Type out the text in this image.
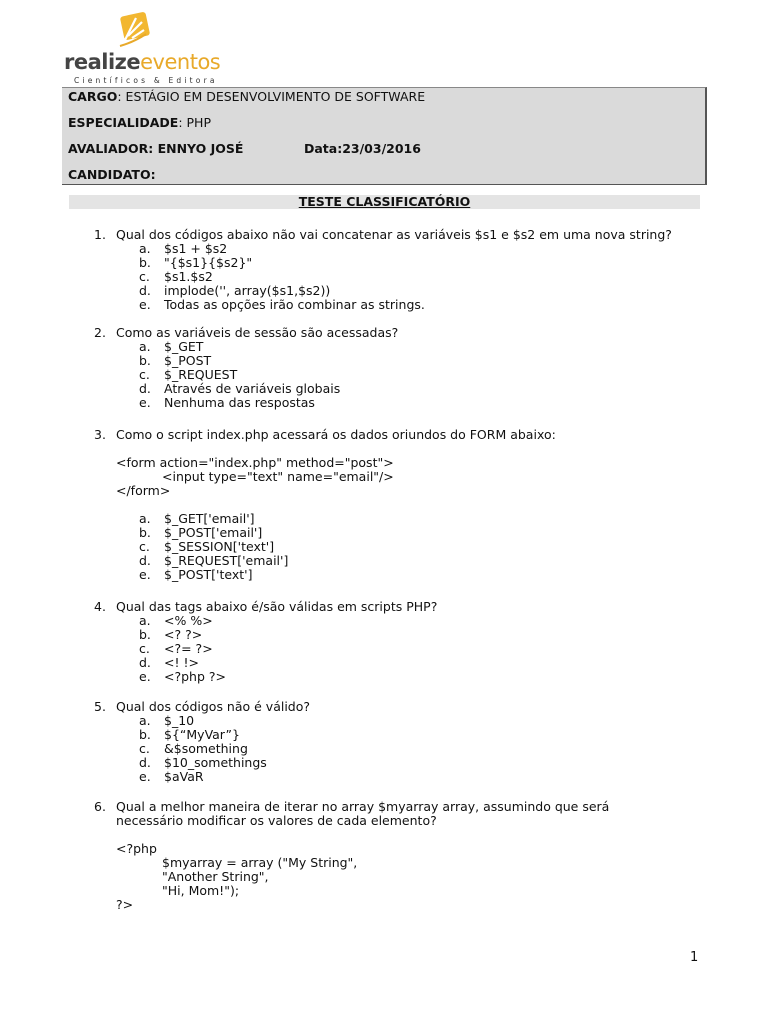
realizeeventos
Científicos & Editora
CARGO: ESTÁGIO EM DESENVOLVIMENTO DE SOFTWARE
ESPECIALIDADE: PHP
AVALIADOR: ENNYO JOSÉ	Data:23/03/2016
CANDIDATO:
TESTE CLASSIFICATÓRIO
1. Qual dos códigos abaixo não vai concatenar as variáveis $s1 e $s2 em uma nova string?
a. $s1 + $s2
b. "{$s1}{$s2}"
c. $s1.$s2
d. implode('', array($s1,$s2))
e. Todas as opções irão combinar as strings.
2. Como as variáveis de sessão são acessadas?
a. $_GET
b. $_POST
c. $_REQUEST
d. Através de variáveis globais
e. Nenhuma das respostas
3. Como o script index.php acessará os dados oriundos do FORM abaixo:
<form action="index.php" method="post">
<input type="text" name="email"/>
</form>
a. $_GET['email']
b. $_POST['email']
c. $_SESSION['text']
d. $_REQUEST['email']
e. $_POST['text']
4. Qual das tags abaixo é/são válidas em scripts PHP?
a. <% %>
b. <? ?>
c. <?= ?>
d. <! !>
e. <?php ?>
5. Qual dos códigos não é válido?
a. $_10
b. ${“MyVar”}
c. &$something
d. $10_somethings
e. $aVaR
6. Qual a melhor maneira de iterar no array $myarray array, assumindo que será
necessário modificar os valores de cada elemento?
<?php
$myarray = array ("My String",
"Another String",
"Hi, Mom!");
?>
1
